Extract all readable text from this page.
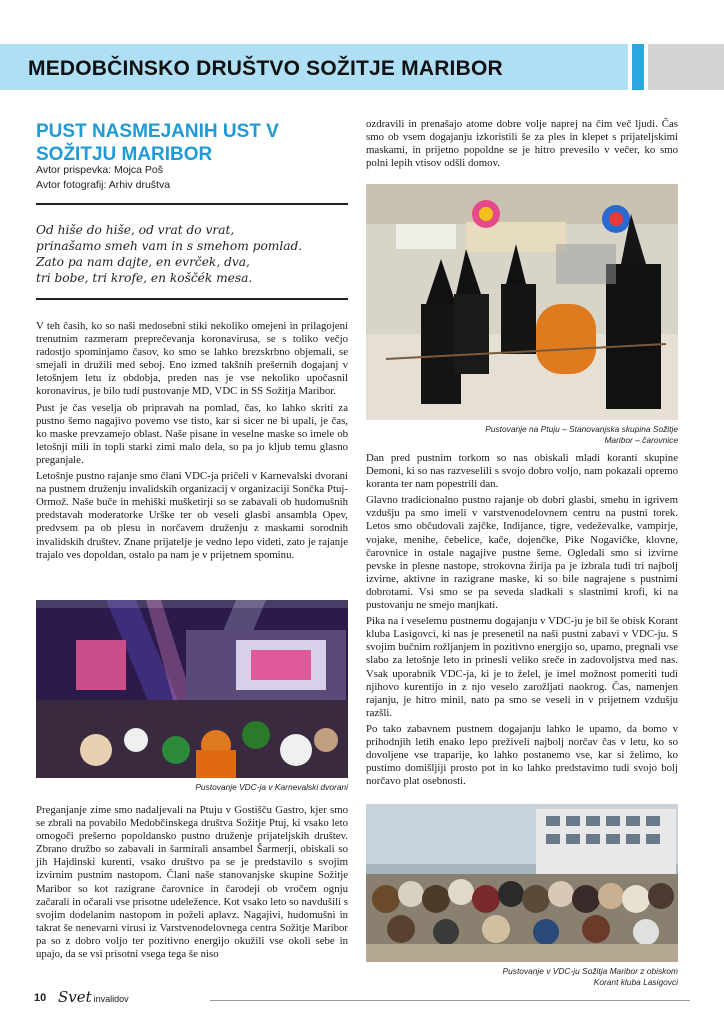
MEDOBČINSKO DRUŠTVO SOŽITJE MARIBOR
PUST NASMEJANIH UST V SOŽITJU MARIBOR
Avtor prispevka: Mojca Poš
Avtor fotografij: Arhiv društva
Od hiše do hiše, od vrat do vrat,
prinašamo smeh vam in s smehom pomlad.
Zato pa nam dajte, en evrček, dva,
tri bobe, tri krofe, en koščék mesa.

V teh časih, ko so naši medosebni stiki nekoliko omejeni in prilagojeni trenutnim razmeram preprečevanja koronavirusa, se s toliko večjo radostjo spominjamo časov, ko smo se lahko brezskrbno objemali, se smejali in družili med seboj. Eno izmed takšnih prešernih dogajanj v letošnjem letu iz obdobja, preden nas je vse nekoliko upočasnil koronavirus, je bilo tudi pustovanje MD, VDC in SS Sožitja Maribor.

Pust je čas veselja ob pripravah na pomlad, čas, ko lahko skriti za pustno šemo nagajivo povemo vse tisto, kar si sicer ne bi upali, je čas, ko maske prevzamejo oblast. Naše pisane in veselne maske so imele ob letošnji mili in topli starki zimi malo dela, so pa jo kljub temu glasno preganjale.

Letošnje pustno rajanje smo člani VDC-ja pričeli v Karnevalski dvorani na pustnem druženju invalidskih organizacij v organizaciji Sončka Ptuj-Ormož. Naše buče in mehiški mušketirji so se zabavali ob hudomušnih predstavah moderatorke Urške ter ob veseli glasbi ansambla Opev, predvsem pa ob plesu in norčavem druženju z maskami sorodnih invalidskih društev. Znane prijatelje je vedno lepo videti, zato je rajanje trajalo ves dopoldan, ostalo pa nam je v prijetnem spominu.

Pustovanje VDC-ja v Karnevalski dvorani

Preganjanje zime smo nadaljevali na Ptuju v Gostišču Gastro, kjer smo se zbrali na povabilo Medobčinskega društva Sožitje Ptuj, ki vsako leto omogoči prešerno popoldansko pustno druženje prijateljskih društev. Zbrano družbo so zabavali in šarmirali ansambel Šarmerji, obiskali so jih Hajdinski kurenti, vsako društvo pa se je predstavilo s svojim izvirnim pustnim nastopom. Člani naše stanovanjske skupine Sožitje Maribor so kot razigrane čarovnice in čarodeji ob vročem ognju začarali in očarali vse prisotne udeležence. Kot vsako leto so navdušili s svojim dodelanim nastopom in poželi aplavz. Nagajivi, hudomušni in takrat še nenevarni virusi iz Varstvenodelovnega centra Sožitje Maribor pa so z dobro voljo ter pozitivno energijo okužili vse okoli sebe in upajo, da se vsi prisotni vsega tega še niso

ozdravili in prenašajo atome dobre volje naprej na čim več ljudi. Čas smo ob vsem dogajanju izkoristili še za ples in klepet s prijateljskimi maskami, in prijetno popoldne se je hitro prevesilo v večer, ko smo polni lepih vtisov odšli domov.

Pustovanje na Ptuju – Stanovanjska skupina Sožitje
Maribor – čarovnice

Dan pred pustnim torkom so nas obiskali mladi koranti skupine Demoni, ki so nas razveselili s svojo dobro voljo, nam pokazali opremo koranta ter nam popestrili dan.

Glavno tradicionalno pustno rajanje ob dobri glasbi, smehu in igrivem vzdušju pa smo imeli v varstvenodelovnem centru na pustni torek. Letos smo občudovali zajčke, Indijance, tigre, vedeževalke, vampirje, vojake, menihe, čebelice, kače, dojenčke, Pike Nogavičke, klovne, čarovnice in ostale nagajive pustne šeme. Ogledali smo si izvirne pevske in plesne nastope, strokovna žirija pa je izbrala tudi tri najbolj izvirne, aktivne in razigrane maske, ki so bile nagrajene s pustnimi dobrotami. Vsi smo se pa seveda sladkali s slastnimi krofi, ki na pustovanju ne smejo manjkati.

Pika na i veselemu pustnemu dogajanju v VDC-ju je bil še obisk Korant kluba Lasigovci, ki nas je presenetil na naši pustni zabavi v VDC-ju. S svojim bučnim rožljanjem in pozitivno energijo so, upamo, pregnali vse slabo za letošnje leto in prinesli veliko sreče in zadovoljstva med nas. Vsak uporabnik VDC-ja, ki je to želel, je imel možnost pomeriti tudi njihovo kurentijo in z njo veselo zarožljati naokrog. Čas, namenjen rajanju, je hitro minil, nato pa smo se veseli in v prijetnem vzdušju razšli.

Po tako zabavnem pustnem dogajanju lahko le upamo, da bomo v prihodnjih letih enako lepo preživeli najbolj norčav čas v letu, ko so dovoljene vse traparije, ko lahko postanemo vse, kar si želimo, ko pustimo domišljiji prosto pot in ko lahko predstavimo tudi svojo bolj norčavo plat osebnosti.

Pustovanje v VDC-ju Sožitja Maribor z obiskom
Korant kluba Lasigovci
10 Svet invalidov
